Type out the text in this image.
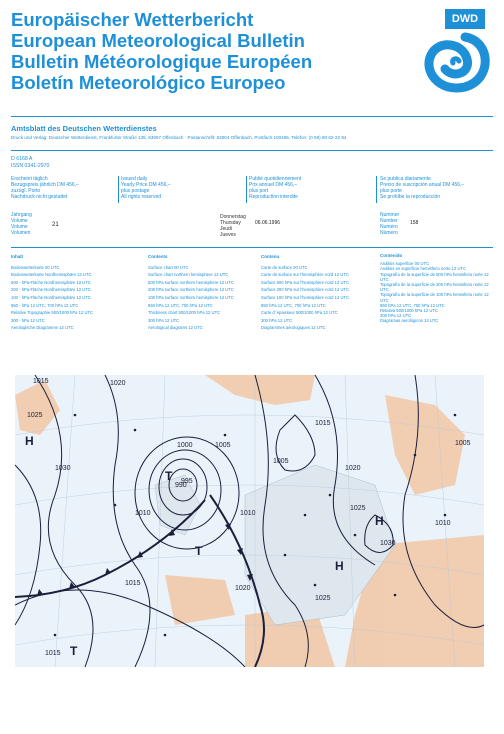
Europäischer Wetterbericht
European Meteorological Bulletin
Bulletin Météorologique Européen
Boletín Meteorológico Europeo
DWD
Amtsblatt des Deutschen Wetterdienstes
Druck und Verlag: Deutscher Wetterdienst, Frankfurter Straße 135, 63067 Offenbach · Postanschrift: 63004 Offenbach, Postfach 100465, Telefon: (0 69) 80 62-22 84
D 6168 A
ISSN 0341-2970
Erscheint täglich
Bezugspreis jährlich DM 456,–
zuzügl. Porto
Nachdruck nicht gestattet
Issued daily
Yearly Price DM 456,–
plus postage
All rights reserved
Publié quotidiennement
Prix annuel DM 456,–
plus port
Reproduction interdite
Se publica diariamente
Precio de suscripción anual DM 456,–
plus porte
Se prohíbe la reproducción
Jahrgang
Volume
Volume
Volumen
21
Donnerstag
Thursday
Jeudi
Jueves
06.06.1996
Nummer
Number
Numéro
Número
158
Inhalt
Bodenwetterkarte 00 UTC
Bodenwetterkarte Nordhemisphäre 12 UTC
500 - hPa-Fläche Nordhemisphäre 12 UTC
200 - hPa-Fläche Nordhemisphäre 12 UTC
100 - hPa-Fläche Nordhemisphäre 12 UTC
850 - hPa 12 UTC, 700 hPa 12 UTC
Relative Topographie 500/1000 hPa 12 UTC
300 - hPa 12 UTC
Aerologische Diagramme 12 UTC
Contents
Surface chart 00 UTC
Surface chart northern hemisphere 12 UTC
500 hPa surface northern hemisphere 12 UTC
200 hPa surface northern hemisphere 12 UTC
100 hPa surface northern hemisphere 12 UTC
850 hPa 12 UTC, 700 hPa 12 UTC
Thickness chart 500/1000 hPa 12 UTC
300 hPa 12 UTC
Aerological diagrams 12 UTC
Contenu
Carte de surface 00 UTC
Carte de surface sur l'hemisphère nord 12 UTC
Surface 500 hPa sur l'hemisphère nord 12 UTC
Surface 200 hPa sur l'hemisphère nord 12 UTC
Surface 100 hPa sur l'hemisphère nord 12 UTC
850 hPa 12 UTC, 700 hPa 12 UTC
Carte d' épaisseur 500/1000 hPa 12 UTC
300 hPa 12 UTC
Diagrammes aérologiques 12 UTC
Contenido
Análisis superficie 00 UTC
Análisis en superficie hemisferio norte 12 UTC
Topografía de la superficie de 500 hPa hemisferio norte 12 UTC
Topografía de la superficie de 200 hPa hemisferio norte 12 UTC
Topografía de la superficie de 100 hPa hemisferio norte 12 UTC
850 hPa 12 UTC, 700 hPa 12 UTC
Relativa 500/1000 hPa 12 UTC
300 hPa 12 UTC
Diagramas aerológicos 12 UTC
1015	1020
1025
1030
1010
1005
1000
995
990
1005
1010
1015
1020
1025
1030
1025
1020
1015
1010
1005
1015
H
T
T
H
H
T
